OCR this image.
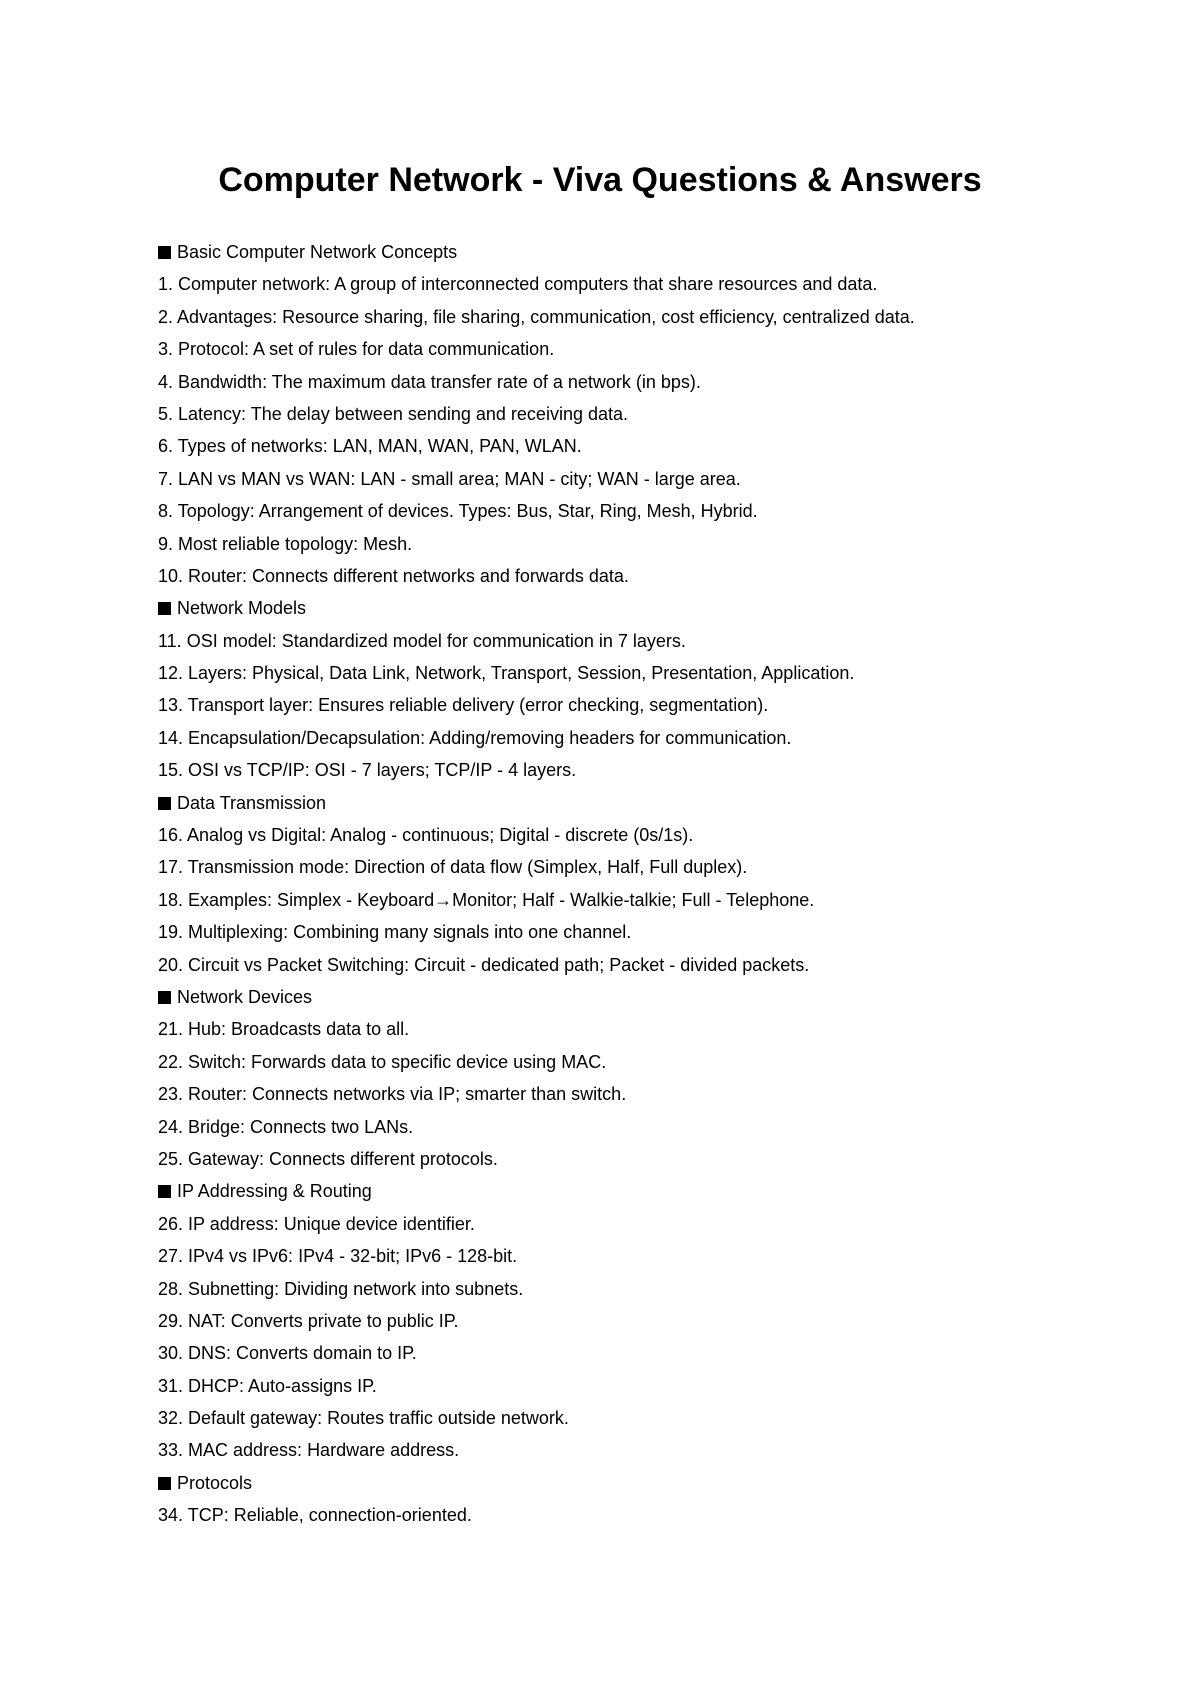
Computer Network - Viva Questions & Answers
Basic Computer Network Concepts
1. Computer network: A group of interconnected computers that share resources and data.
2. Advantages: Resource sharing, file sharing, communication, cost efficiency, centralized data.
3. Protocol: A set of rules for data communication.
4. Bandwidth: The maximum data transfer rate of a network (in bps).
5. Latency: The delay between sending and receiving data.
6. Types of networks: LAN, MAN, WAN, PAN, WLAN.
7. LAN vs MAN vs WAN: LAN - small area; MAN - city; WAN - large area.
8. Topology: Arrangement of devices. Types: Bus, Star, Ring, Mesh, Hybrid.
9. Most reliable topology: Mesh.
10. Router: Connects different networks and forwards data.
Network Models
11. OSI model: Standardized model for communication in 7 layers.
12. Layers: Physical, Data Link, Network, Transport, Session, Presentation, Application.
13. Transport layer: Ensures reliable delivery (error checking, segmentation).
14. Encapsulation/Decapsulation: Adding/removing headers for communication.
15. OSI vs TCP/IP: OSI - 7 layers; TCP/IP - 4 layers.
Data Transmission
16. Analog vs Digital: Analog - continuous; Digital - discrete (0s/1s).
17. Transmission mode: Direction of data flow (Simplex, Half, Full duplex).
18. Examples: Simplex - Keyboard→Monitor; Half - Walkie-talkie; Full - Telephone.
19. Multiplexing: Combining many signals into one channel.
20. Circuit vs Packet Switching: Circuit - dedicated path; Packet - divided packets.
Network Devices
21. Hub: Broadcasts data to all.
22. Switch: Forwards data to specific device using MAC.
23. Router: Connects networks via IP; smarter than switch.
24. Bridge: Connects two LANs.
25. Gateway: Connects different protocols.
IP Addressing & Routing
26. IP address: Unique device identifier.
27. IPv4 vs IPv6: IPv4 - 32-bit; IPv6 - 128-bit.
28. Subnetting: Dividing network into subnets.
29. NAT: Converts private to public IP.
30. DNS: Converts domain to IP.
31. DHCP: Auto-assigns IP.
32. Default gateway: Routes traffic outside network.
33. MAC address: Hardware address.
Protocols
34. TCP: Reliable, connection-oriented.
